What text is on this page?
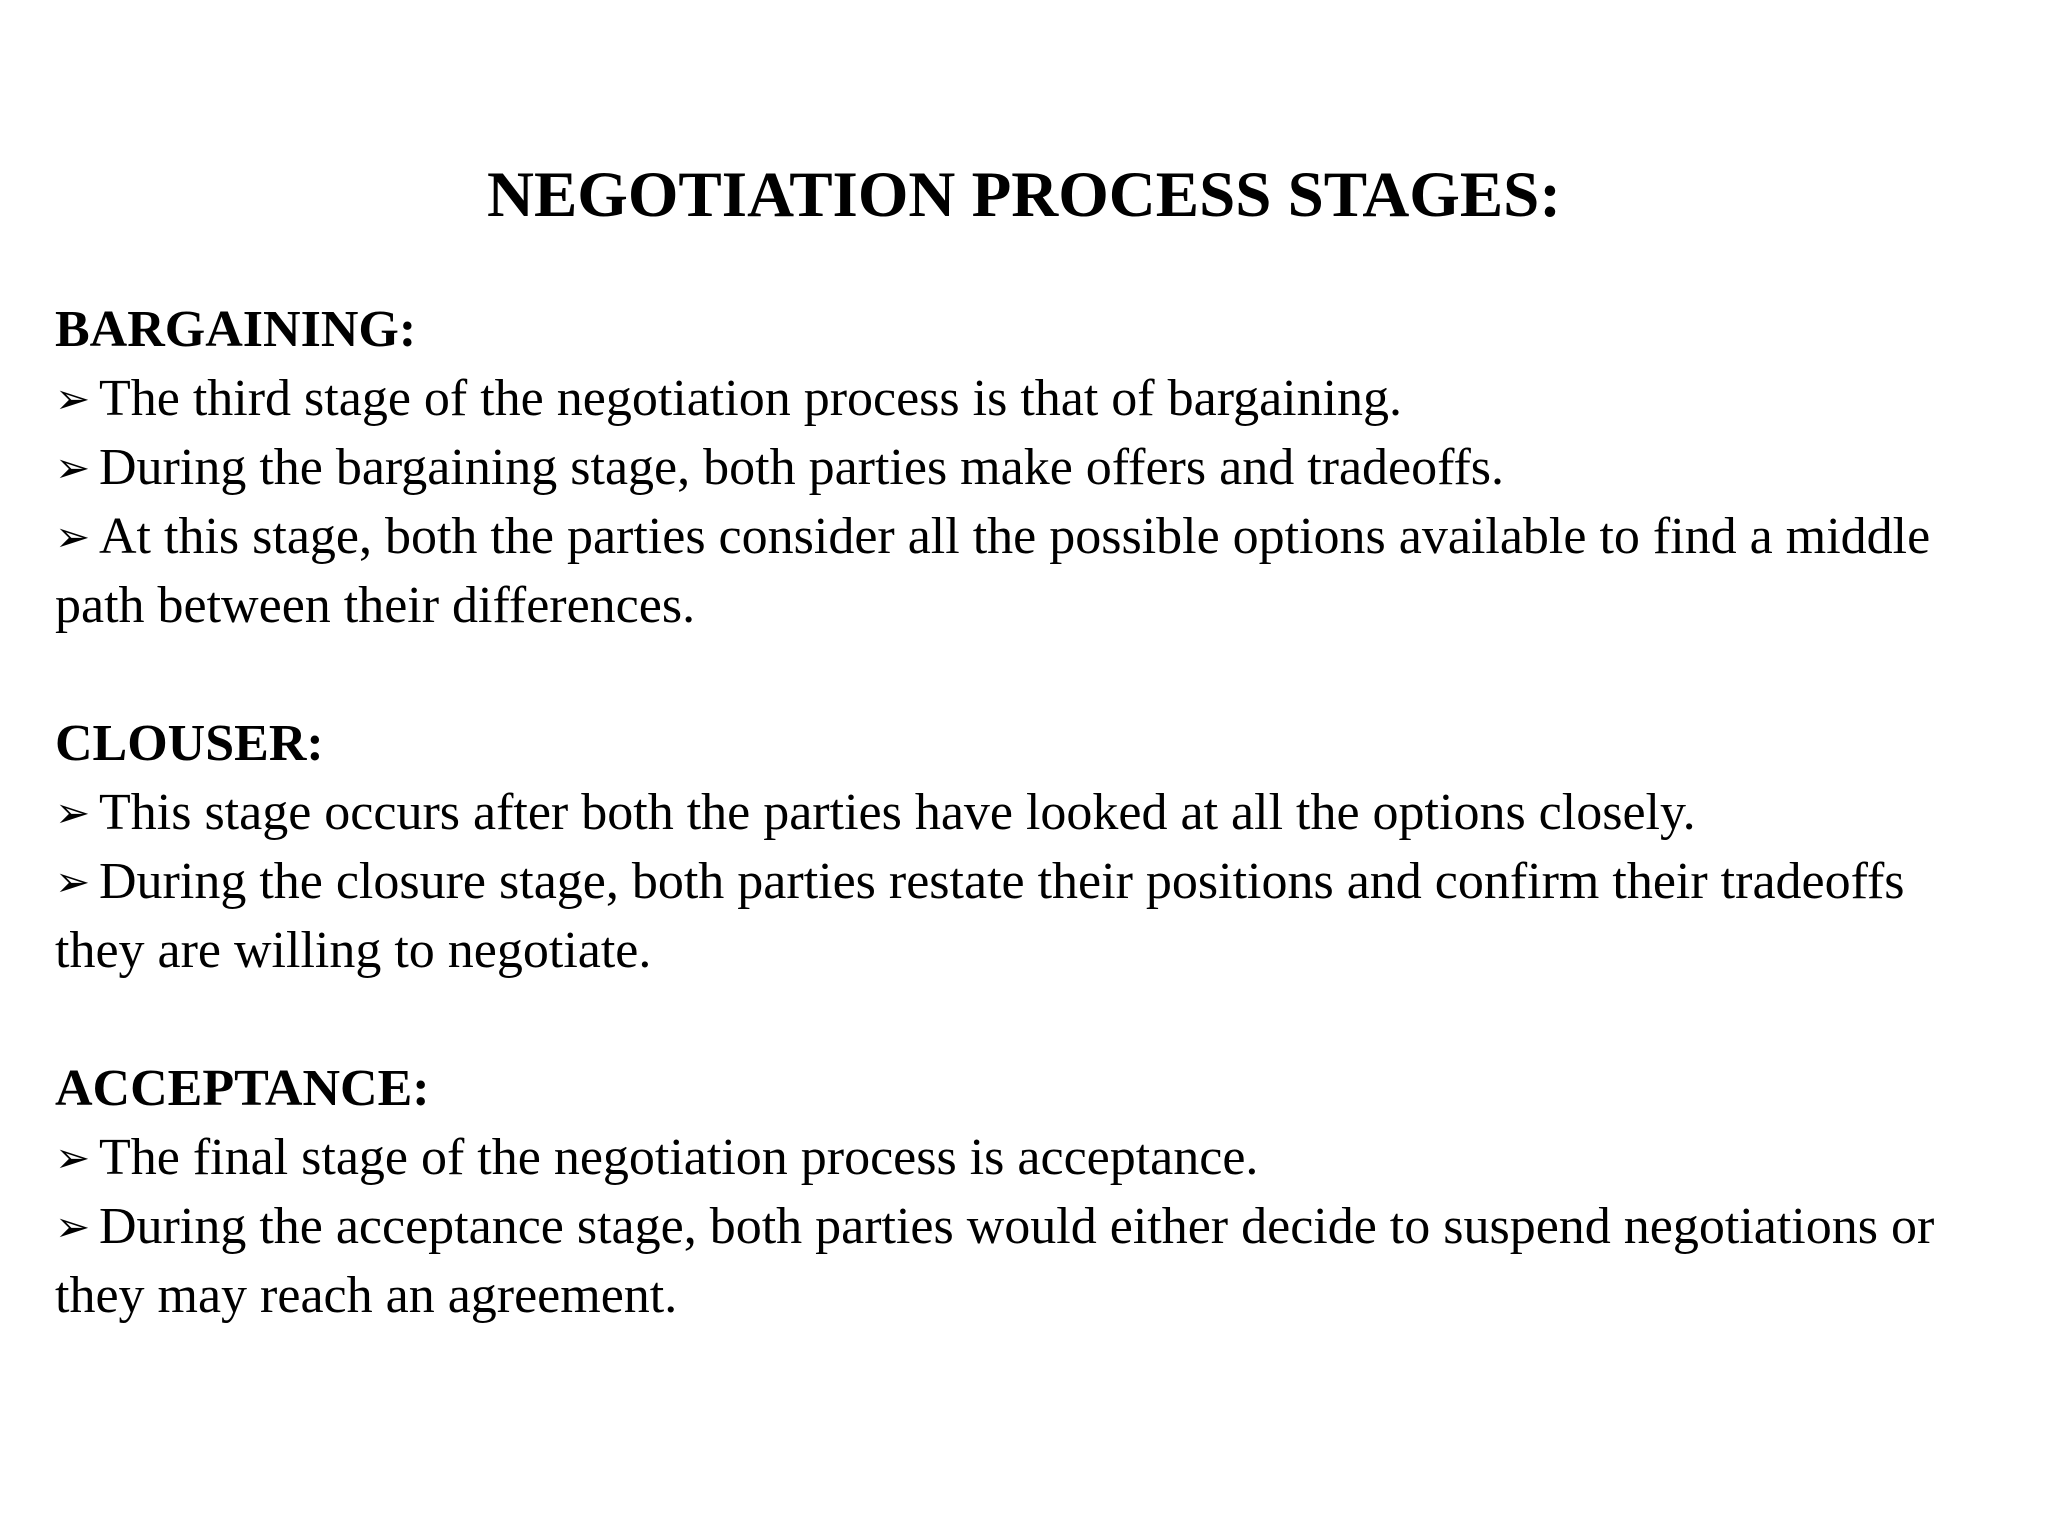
NEGOTIATION PROCESS STAGES:

BARGAINING:

➢ The third stage of the negotiation process is that of bargaining.
➢ During the bargaining stage, both parties make offers and tradeoffs.
➢ At this stage, both the parties consider all the possible options available to find a middle path between their differences.

CLOUSER:

➢ This stage occurs after both the parties have looked at all the options closely.
➢ During the closure stage, both parties restate their positions and confirm their tradeoffs they are willing to negotiate.

ACCEPTANCE:

➢ The final stage of the negotiation process is acceptance.
➢ During the acceptance stage, both parties would either decide to suspend negotiations or they may reach an agreement.
